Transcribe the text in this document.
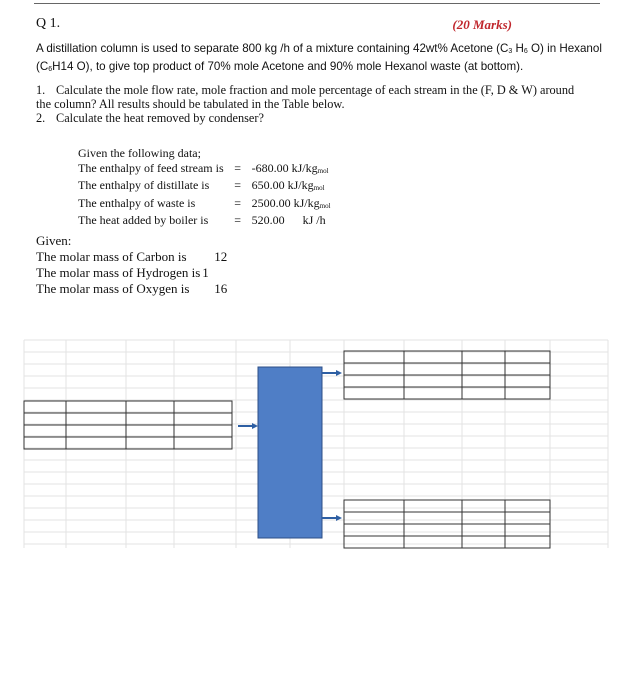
Q 1.	(20 Marks)
A distillation column is used to separate 800 kg /h of a mixture containing 42wt% Acetone ($C_3$ $H_6$ O) in Hexanol ($C_6H14$ O), to give top product of 70% mole Acetone and 90% mole Hexanol waste (at bottom).
1. Calculate the mole flow rate, mole fraction and mole percentage of each stream in the (F, D & W) around
the column? All results should be tabulated in the Table below.
2. Calculate the heat removed by condenser?
Given the following data;
The enthalpy of feed stream is	=	-680.00 $kJ/kg_{mol}$
The enthalpy of distillate is	=	650.00 $kJ/kg_{mol}$
The enthalpy of waste is	=	2500.00 $kJ/kg_{mol}$
The heat added by boiler is	=	520.00 kJ /h
Given:
The molar mass of Carbon is	12
The molar mass of Hydrogen is	1
The molar mass of Oxygen is	16
